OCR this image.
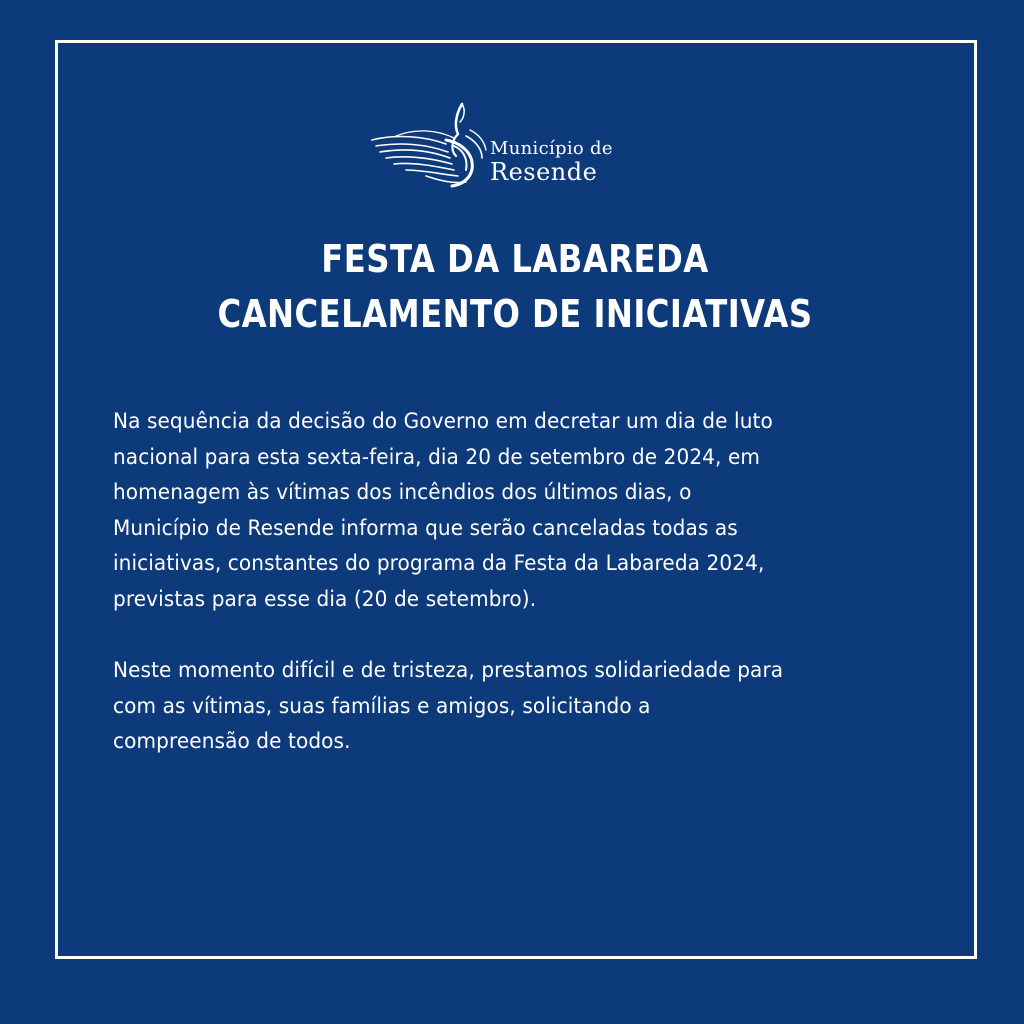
Município de
Resende
FESTA DA LABAREDA
CANCELAMENTO DE INICIATIVAS
Na sequência da decisão do Governo em decretar um dia de luto
nacional para esta sexta-feira, dia 20 de setembro de 2024, em
homenagem às vítimas dos incêndios dos últimos dias, o
Município de Resende informa que serão canceladas todas as
iniciativas, constantes do programa da Festa da Labareda 2024,
previstas para esse dia (20 de setembro).
Neste momento difícil e de tristeza, prestamos solidariedade para
com as vítimas, suas famílias e amigos, solicitando a
compreensão de todos.
